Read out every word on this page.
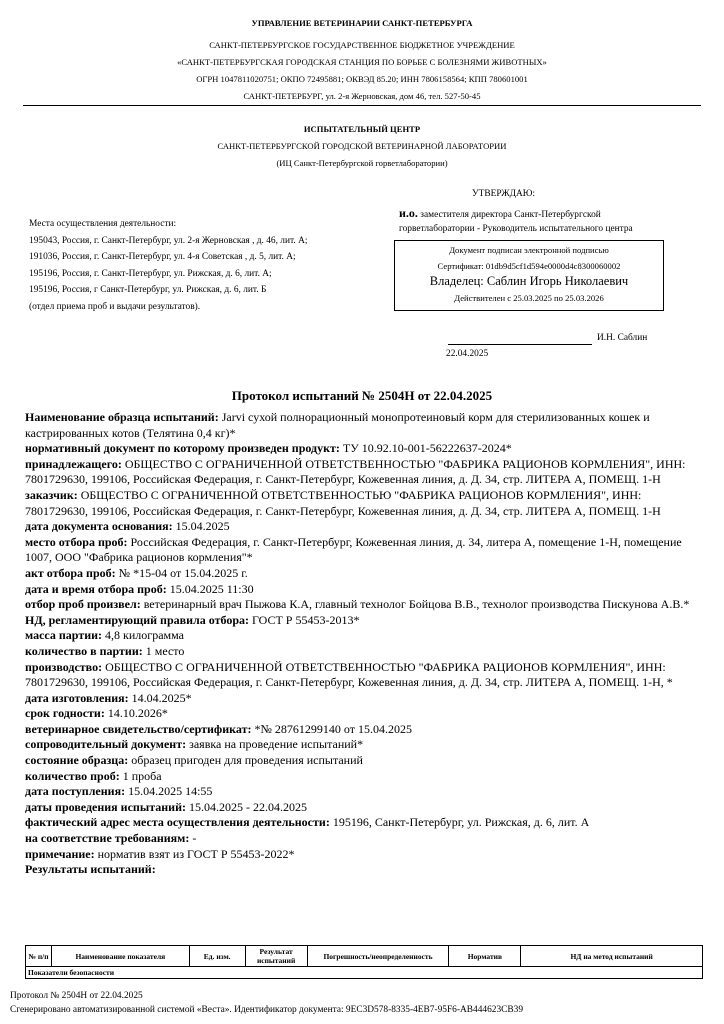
УПРАВЛЕНИЕ ВЕТЕРИНАРИИ САНКТ-ПЕТЕРБУРГА
САНКТ-ПЕТЕРБУРГСКОЕ ГОСУДАРСТВЕННОЕ БЮДЖЕТНОЕ УЧРЕЖДЕНИЕ
«САНКТ-ПЕТЕРБУРГСКАЯ ГОРОДСКАЯ СТАНЦИЯ ПО БОРЬБЕ С БОЛЕЗНЯМИ ЖИВОТНЫХ»
ОГРН 1047811020751; ОКПО 72495881; ОКВЭД 85.20; ИНН 7806158564; КПП 780601001
САНКТ-ПЕТЕРБУРГ, ул. 2-я Жерновская, дом 46, тел. 527-50-45
ИСПЫТАТЕЛЬНЫЙ ЦЕНТР
САНКТ-ПЕТЕРБУРГСКОЙ ГОРОДСКОЙ ВЕТЕРИНАРНОЙ ЛАБОРАТОРИИ
(ИЦ Санкт-Петербургской горветлаборатории)
Места осуществления деятельности:
195043, Россия, г. Санкт-Петербург, ул. 2-я Жерновская , д. 46, лит. А;
191036, Россия, г. Санкт-Петербург, ул. 4-я Советская , д. 5, лит. А;
195196, Россия, г. Санкт-Петербург, ул. Рижская, д. 6, лит. А;
195196, Россия, г Санкт-Петербург, ул. Рижская, д. 6, лит. Б
(отдел приема проб и выдачи результатов).
УТВЕРЖДАЮ:
и.о. заместителя директора Санкт-Петербургской
горветлаборатории - Руководитель испытательного центра
Документ подписан электронной подписью
Сертификат: 01db9d5cf1d594e0000d4c8300060002
Владелец: Саблин Игорь Николаевич
Действителен с 25.03.2025 по 25.03.2026
И.Н. Саблин
22.04.2025
Протокол испытаний № 2504Н от 22.04.2025

Наименование образца испытаний: Jarvi сухой полнорационный монопротеиновый корм для стерилизованных кошек и кастрированных котов (Телятина 0,4 кг)*

нормативный документ по которому произведен продукт: ТУ 10.92.10-001-56222637-2024*

принадлежащего: ОБЩЕСТВО С ОГРАНИЧЕННОЙ ОТВЕТСТВЕННОСТЬЮ "ФАБРИКА РАЦИОНОВ КОРМЛЕНИЯ", ИНН: 7801729630, 199106, Российская Федерация, г. Санкт-Петербург, Кожевенная линия, д. Д. 34, стр. ЛИТЕРА А, ПОМЕЩ. 1-Н

заказчик: ОБЩЕСТВО С ОГРАНИЧЕННОЙ ОТВЕТСТВЕННОСТЬЮ "ФАБРИКА РАЦИОНОВ КОРМЛЕНИЯ", ИНН: 7801729630, 199106, Российская Федерация, г. Санкт-Петербург, Кожевенная линия, д. Д. 34, стр. ЛИТЕРА А, ПОМЕЩ. 1-Н

дата документа основания: 15.04.2025

место отбора проб: Российская Федерация, г. Санкт-Петербург, Кожевенная линия, д. 34, литера А, помещение 1-Н, помещение 1007, ООО "Фабрика рационов кормления"*

акт отбора проб: № *15-04 от 15.04.2025 г.

дата и время отбора проб: 15.04.2025 11:30

отбор проб произвел: ветеринарный врач Пыжова К.А, главный технолог Бойцова В.В., технолог производства Пискунова А.В.*

НД, регламентирующий правила отбора: ГОСТ Р 55453-2013*

масса партии: 4,8 килограмма

количество в партии: 1 место

производство: ОБЩЕСТВО С ОГРАНИЧЕННОЙ ОТВЕТСТВЕННОСТЬЮ "ФАБРИКА РАЦИОНОВ КОРМЛЕНИЯ", ИНН: 7801729630, 199106, Российская Федерация, г. Санкт-Петербург, Кожевенная линия, д. Д. 34, стр. ЛИТЕРА А, ПОМЕЩ. 1-Н, *

дата изготовления: 14.04.2025*

срок годности: 14.10.2026*

ветеринарное свидетельство/сертификат: *№ 28761299140 от 15.04.2025

сопроводительный документ: заявка на проведение испытаний*

состояние образца: образец пригоден для проведения испытаний

количество проб: 1 проба

дата поступления: 15.04.2025 14:55

даты проведения испытаний: 15.04.2025 - 22.04.2025

фактический адрес места осуществления деятельности: 195196, Санкт-Петербург, ул. Рижская, д. 6, лит. А

на соответствие требованиям: -

примечание: норматив взят из ГОСТ Р 55453-2022*

Результаты испытаний:

№ п/п	Наименование показателя	Ед. изм.	Результат испытаний	Погрешность/неопределенность	Норматив	НД на метод испытаний
Показатели безопасности
Протокол № 2504Н от 22.04.2025
Сгенерировано автоматизированной системой «Веста». Идентификатор документа: 9EC3D578-8335-4EB7-95F6-AB444623CB39
